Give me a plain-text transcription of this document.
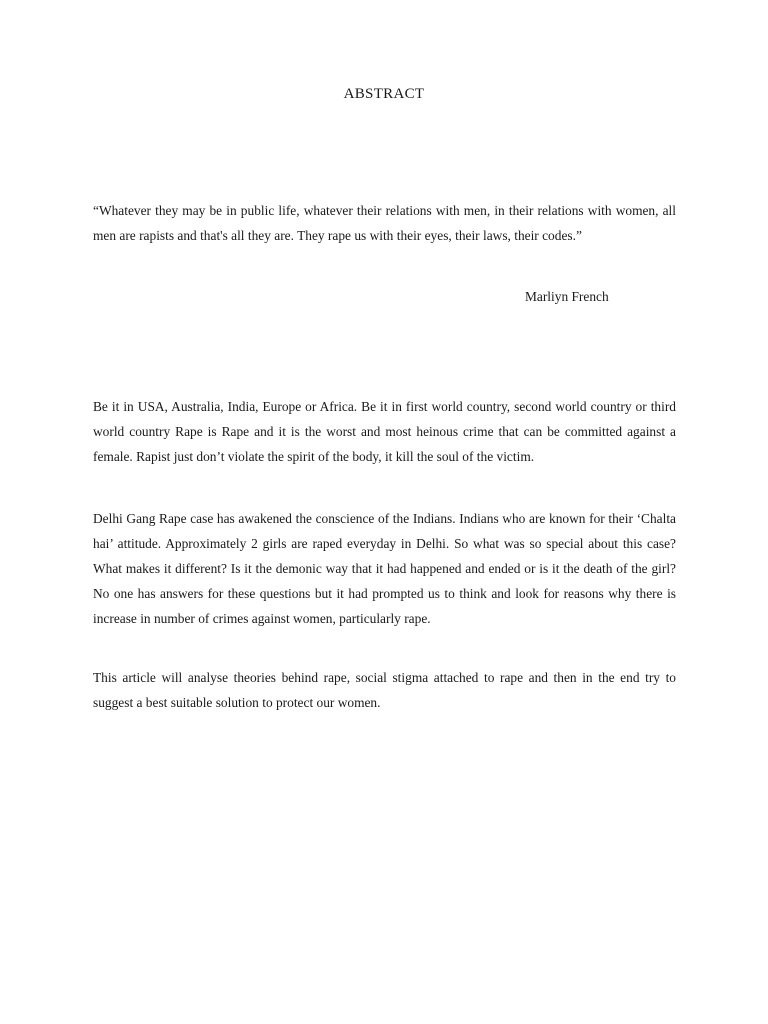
ABSTRACT

“Whatever they may be in public life, whatever their relations with men, in their relations with women, all men are rapists and that's all they are. They rape us with their eyes, their laws, their codes.”

Marliyn French

Be it in USA, Australia, India, Europe or Africa. Be it in first world country, second world country or third world country Rape is Rape and it is the worst and most heinous crime that can be committed against a female. Rapist just don’t violate the spirit of the body, it kill the soul of the victim.

Delhi Gang Rape case has awakened the conscience of the Indians. Indians who are known for their ‘Chalta hai’ attitude. Approximately 2 girls are raped everyday in Delhi. So what was so special about this case? What makes it different? Is it the demonic way that it had happened and ended or is it the death of the girl? No one has answers for these questions but it had prompted us to think and look for reasons why there is increase in number of crimes against women, particularly rape.

This article will analyse theories behind rape, social stigma attached to rape and then in the end try to suggest a best suitable solution to protect our women.
